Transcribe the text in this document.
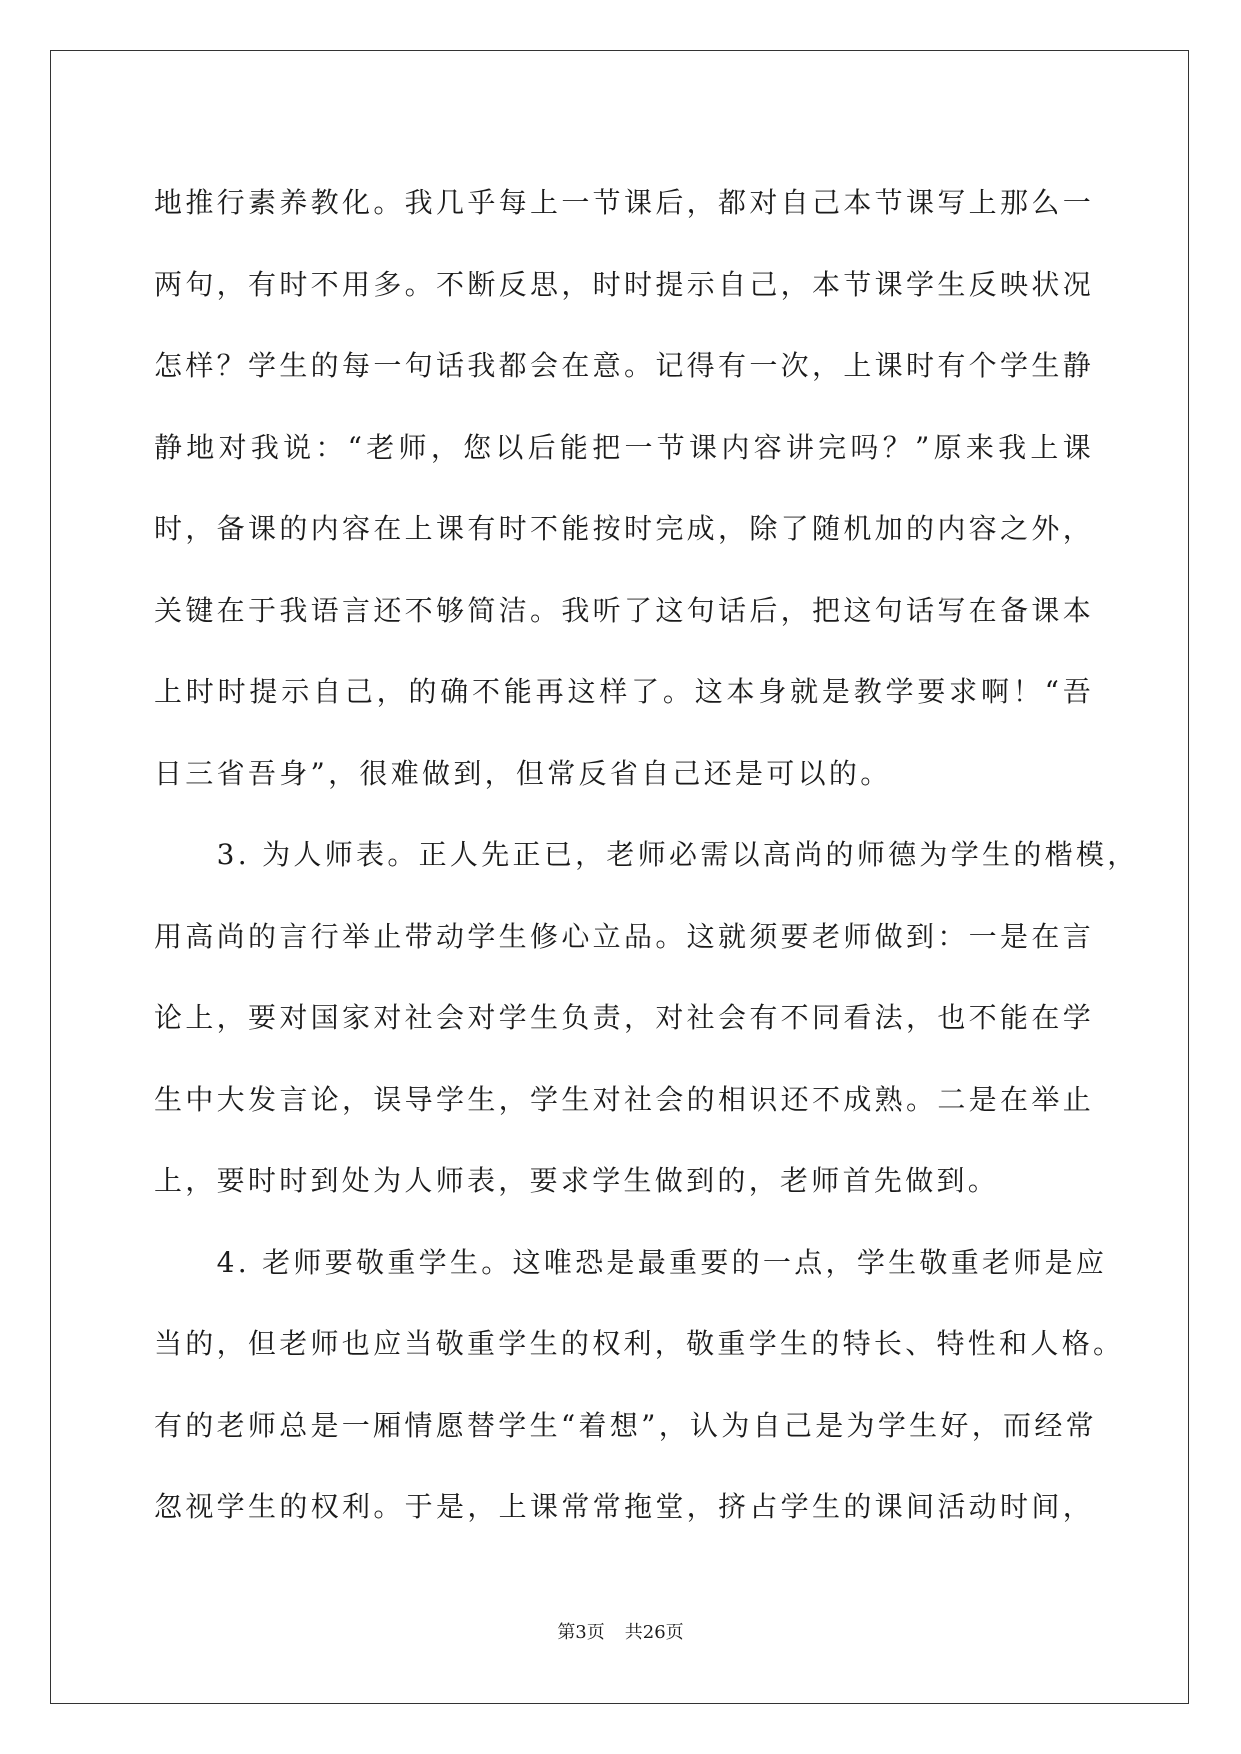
地推行素养教化。我几乎每上一节课后，都对自己本节课写上那么一
两句，有时不用多。不断反思，时时提示自己，本节课学生反映状况
怎样？学生的每一句话我都会在意。记得有一次，上课时有个学生静
静地对我说：“老师，您以后能把一节课内容讲完吗？”原来我上课
时，备课的内容在上课有时不能按时完成，除了随机加的内容之外，
关键在于我语言还不够简洁。我听了这句话后，把这句话写在备课本
上时时提示自己，的确不能再这样了。这本身就是教学要求啊！“吾
日三省吾身”，很难做到，但常反省自己还是可以的。
　　3. 为人师表。正人先正已，老师必需以高尚的师德为学生的楷模，
用高尚的言行举止带动学生修心立品。这就须要老师做到：一是在言
论上，要对国家对社会对学生负责，对社会有不同看法，也不能在学
生中大发言论，误导学生，学生对社会的相识还不成熟。二是在举止
上，要时时到处为人师表，要求学生做到的，老师首先做到。
　　4. 老师要敬重学生。这唯恐是最重要的一点，学生敬重老师是应
当的，但老师也应当敬重学生的权利，敬重学生的特长、特性和人格。
有的老师总是一厢情愿替学生“着想”，认为自己是为学生好，而经常
忽视学生的权利。于是，上课常常拖堂，挤占学生的课间活动时间，
第3页 共26页
